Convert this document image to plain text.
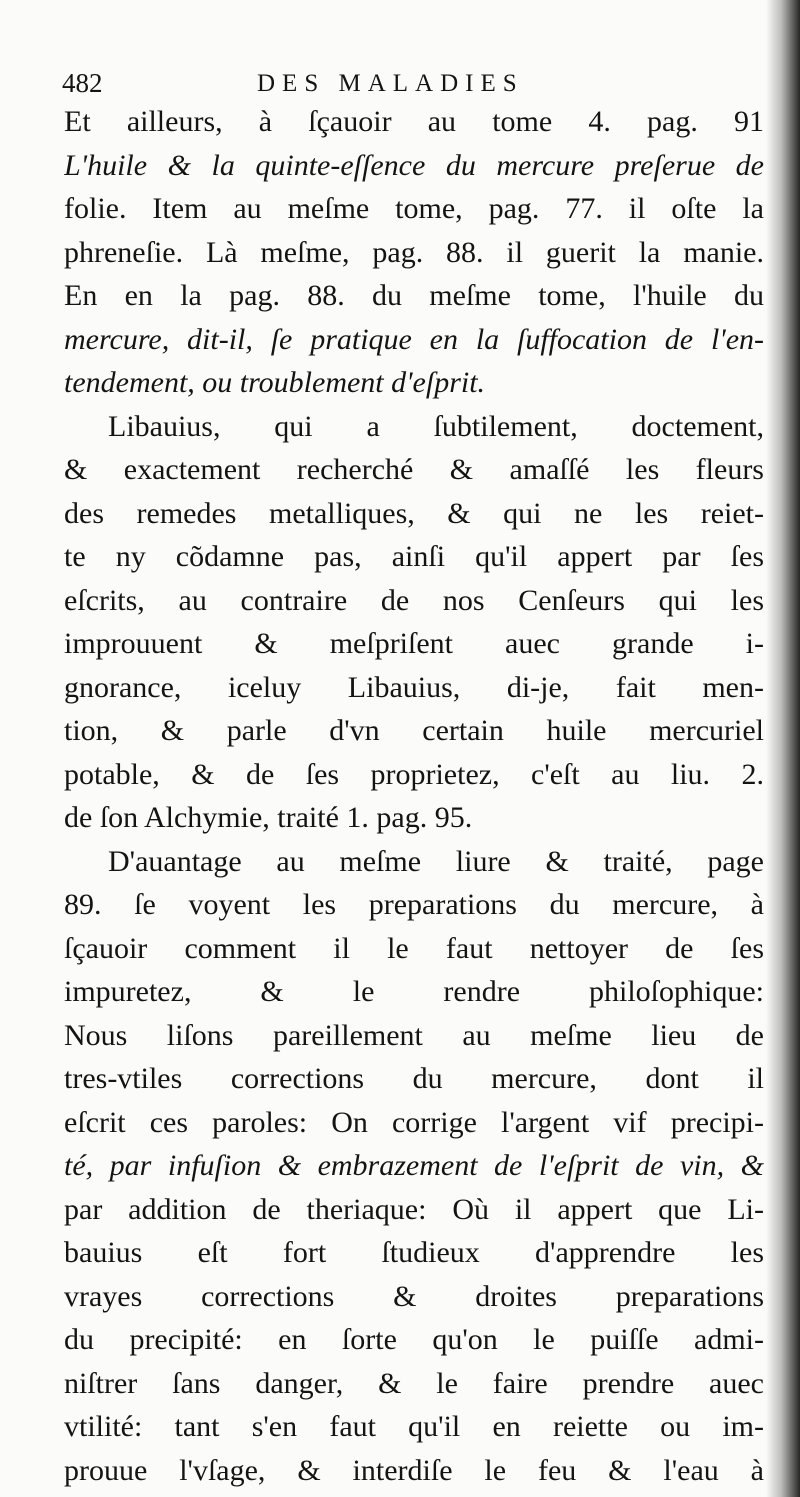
482	DES MALADIES
Et ailleurs, à ſçauoir au tome 4. pag. 91
L'huile & la quinte-eſſence du mercure preſerue de
folie. Item au meſme tome, pag. 77. il oſte la
phreneſie. Là meſme, pag. 88. il guerit la manie.
En en la pag. 88. du meſme tome, l'huile du
mercure, dit-il, ſe pratique en la ſuffocation de l'en-
tendement, ou troublement d'eſprit.
Libauius, qui a ſubtilement, doctement,
& exactement recherché & amaſſé les fleurs
des remedes metalliques, & qui ne les reiet-
te ny cõdamne pas, ainſi qu'il appert par ſes
eſcrits, au contraire de nos Cenſeurs qui les
improuuent & meſpriſent auec grande i-
gnorance, iceluy Libauius, di-je, fait men-
tion, & parle d'vn certain huile mercuriel
potable, & de ſes proprietez, c'eſt au liu. 2.
de ſon Alchymie, traité 1. pag. 95.
D'auantage au meſme liure & traité, page
89. ſe voyent les preparations du mercure, à
ſçauoir comment il le faut nettoyer de ſes
impuretez, & le rendre philoſophique:
Nous liſons pareillement au meſme lieu de
tres-vtiles corrections du mercure, dont il
eſcrit ces paroles: On corrige l'argent vif precipi-
té, par infuſion & embrazement de l'eſprit de vin, &
par addition de theriaque: Où il appert que Li-
bauius eſt fort ſtudieux d'apprendre les
vrayes corrections & droites preparations
du precipité: en ſorte qu'on le puiſſe admi-
niſtrer ſans danger, & le faire prendre auec
vtilité: tant s'en faut qu'il en reiette ou im-
prouue l'vſage, & interdiſe le feu & l'eau à
